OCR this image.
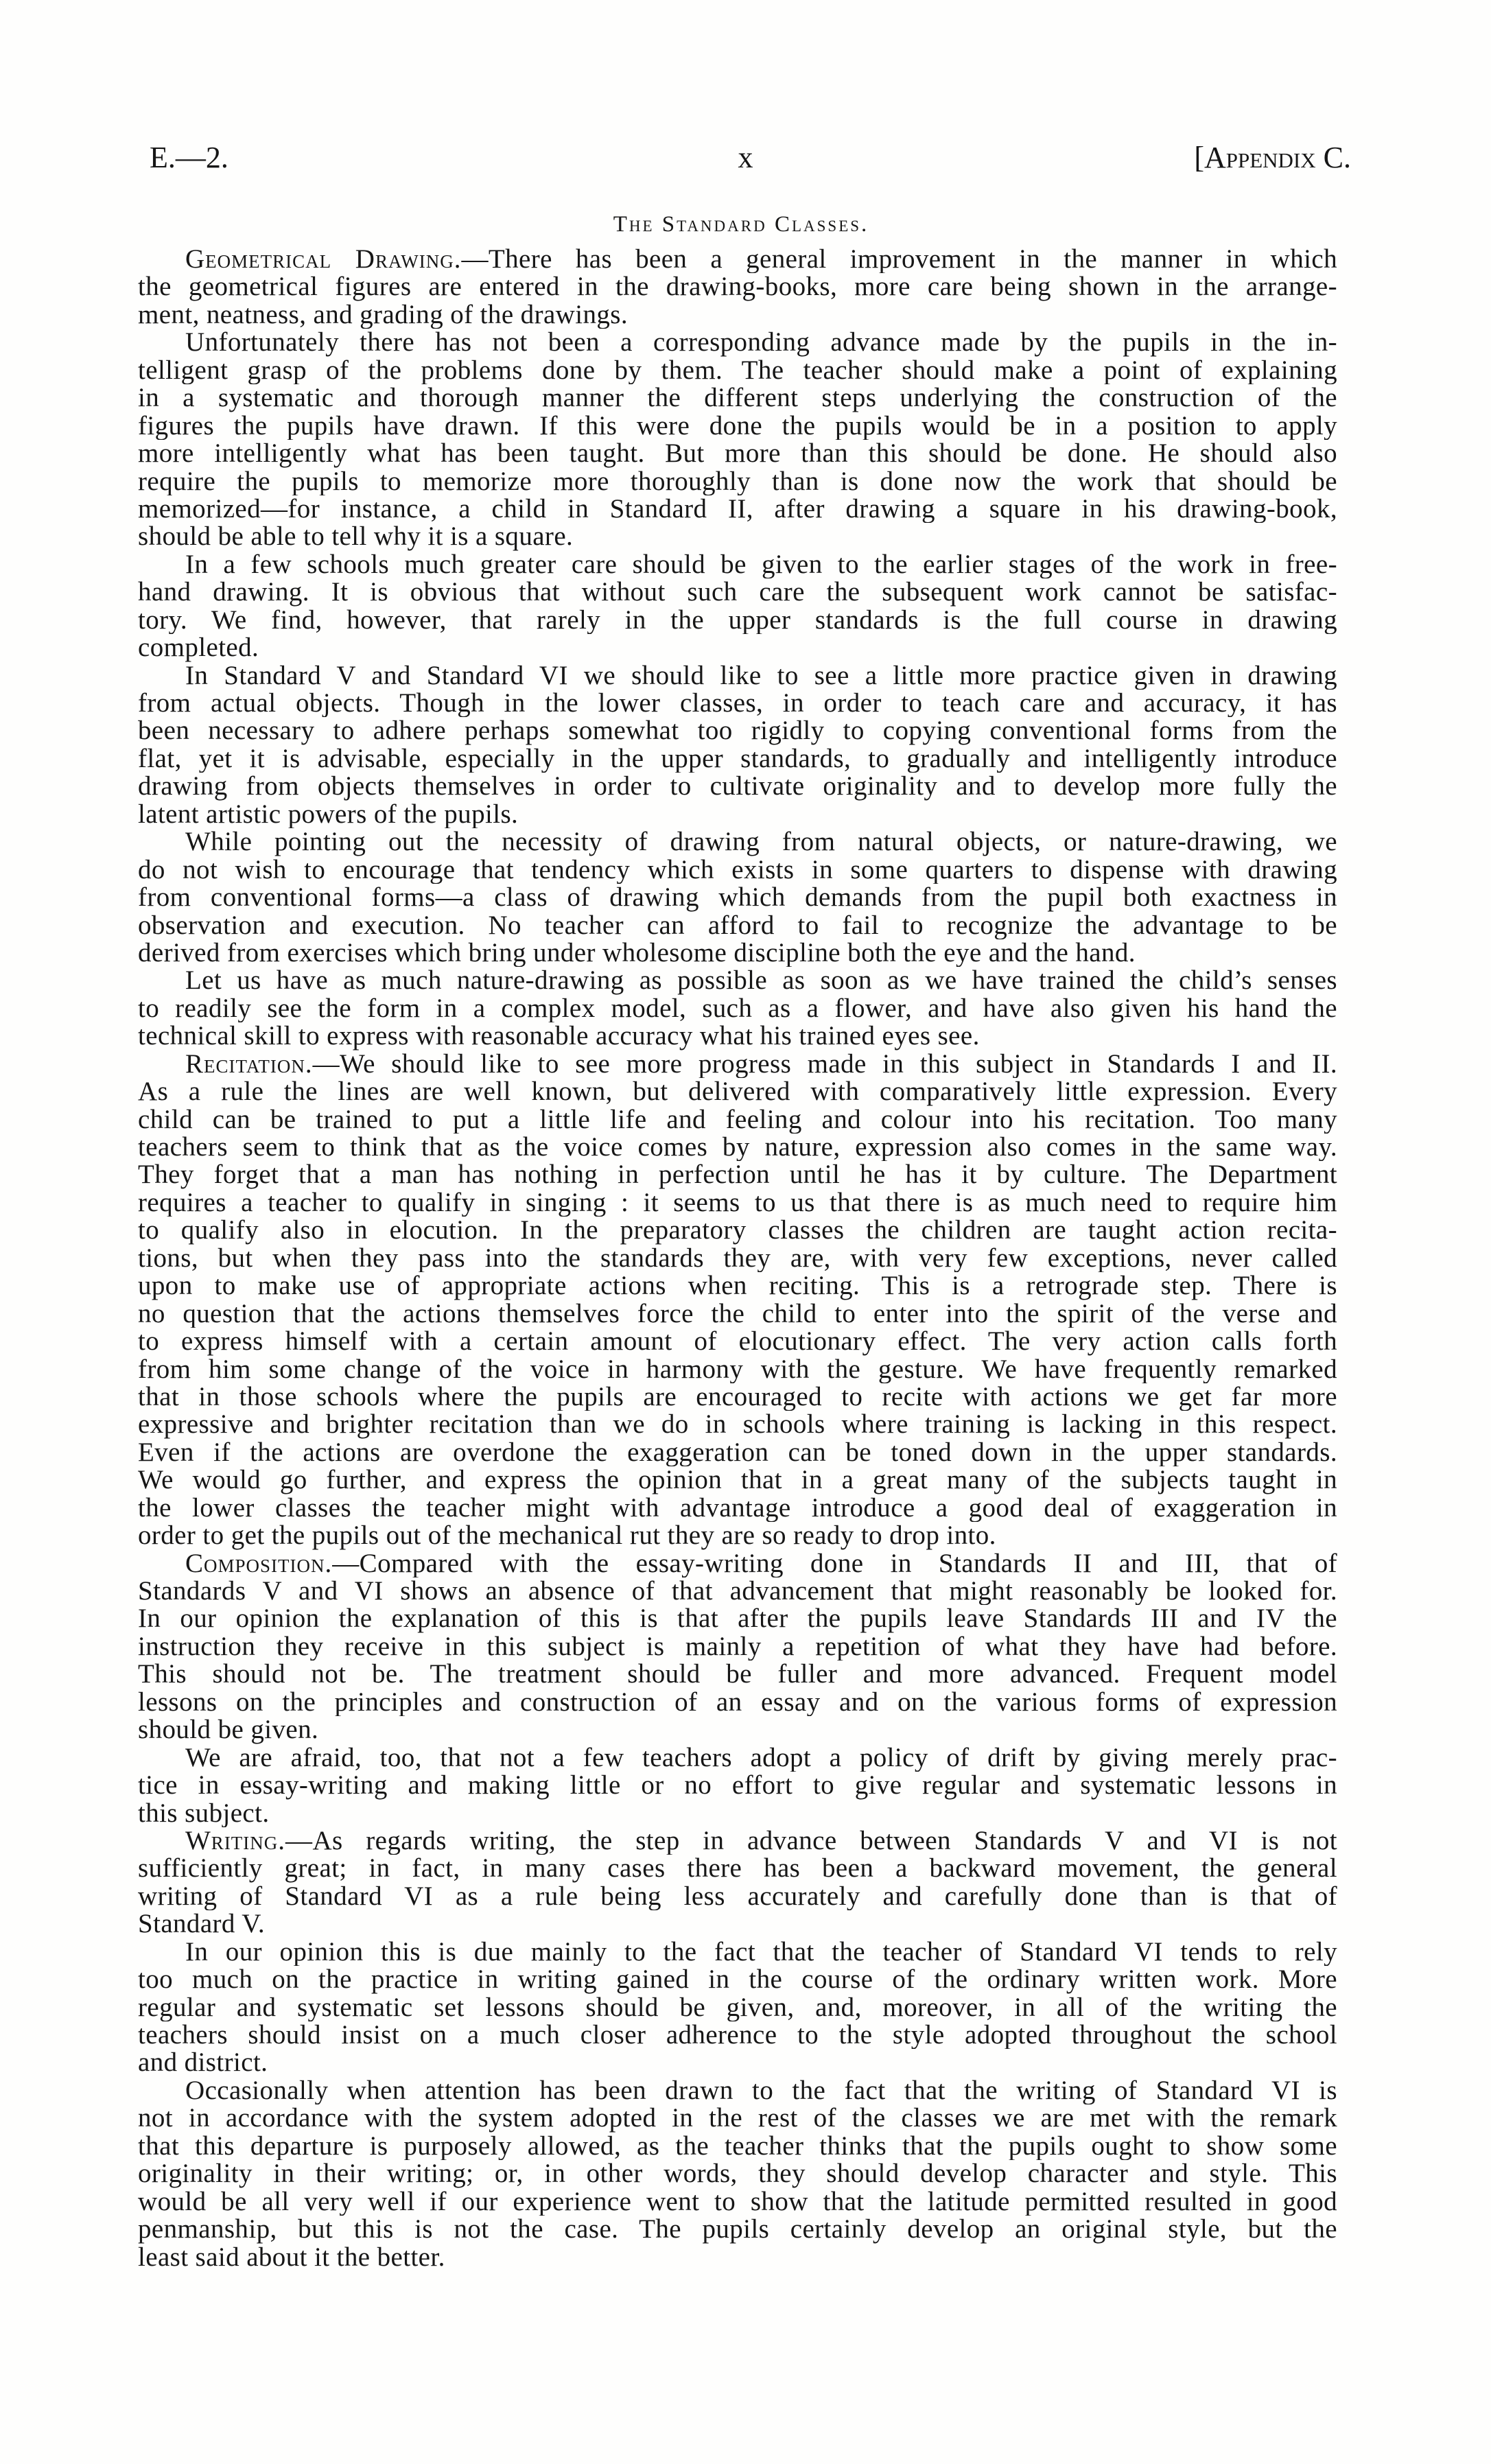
E.—2.	x	[Appendix C.
The Standard Classes.
Geometrical Drawing.—There has been a general improvement in the manner in which
the geometrical figures are entered in the drawing-books, more care being shown in the arrange-
ment, neatness, and grading of the drawings.
Unfortunately there has not been a corresponding advance made by the pupils in the in-
telligent grasp of the problems done by them. The teacher should make a point of explaining
in a systematic and thorough manner the different steps underlying the construction of the
figures the pupils have drawn. If this were done the pupils would be in a position to apply
more intelligently what has been taught. But more than this should be done. He should also
require the pupils to memorize more thoroughly than is done now the work that should be
memorized—for instance, a child in Standard II, after drawing a square in his drawing-book,
should be able to tell why it is a square.
In a few schools much greater care should be given to the earlier stages of the work in free-
hand drawing. It is obvious that without such care the subsequent work cannot be satisfac-
tory. We find, however, that rarely in the upper standards is the full course in drawing
completed.
In Standard V and Standard VI we should like to see a little more practice given in drawing
from actual objects. Though in the lower classes, in order to teach care and accuracy, it has
been necessary to adhere perhaps somewhat too rigidly to copying conventional forms from the
flat, yet it is advisable, especially in the upper standards, to gradually and intelligently introduce
drawing from objects themselves in order to cultivate originality and to develop more fully the
latent artistic powers of the pupils.
While pointing out the necessity of drawing from natural objects, or nature-drawing, we
do not wish to encourage that tendency which exists in some quarters to dispense with drawing
from conventional forms—a class of drawing which demands from the pupil both exactness in
observation and execution. No teacher can afford to fail to recognize the advantage to be
derived from exercises which bring under wholesome discipline both the eye and the hand.
Let us have as much nature-drawing as possible as soon as we have trained the child’s senses
to readily see the form in a complex model, such as a flower, and have also given his hand the
technical skill to express with reasonable accuracy what his trained eyes see.
Recitation.—We should like to see more progress made in this subject in Standards I and II.
As a rule the lines are well known, but delivered with comparatively little expression. Every
child can be trained to put a little life and feeling and colour into his recitation. Too many
teachers seem to think that as the voice comes by nature, expression also comes in the same way.
They forget that a man has nothing in perfection until he has it by culture. The Department
requires a teacher to qualify in singing : it seems to us that there is as much need to require him
to qualify also in elocution. In the preparatory classes the children are taught action recita-
tions, but when they pass into the standards they are, with very few exceptions, never called
upon to make use of appropriate actions when reciting. This is a retrograde step. There is
no question that the actions themselves force the child to enter into the spirit of the verse and
to express himself with a certain amount of elocutionary effect. The very action calls forth
from him some change of the voice in harmony with the gesture. We have frequently remarked
that in those schools where the pupils are encouraged to recite with actions we get far more
expressive and brighter recitation than we do in schools where training is lacking in this respect.
Even if the actions are overdone the exaggeration can be toned down in the upper standards.
We would go further, and express the opinion that in a great many of the subjects taught in
the lower classes the teacher might with advantage introduce a good deal of exaggeration in
order to get the pupils out of the mechanical rut they are so ready to drop into.
Composition.—Compared with the essay-writing done in Standards II and III, that of
Standards V and VI shows an absence of that advancement that might reasonably be looked for.
In our opinion the explanation of this is that after the pupils leave Standards III and IV the
instruction they receive in this subject is mainly a repetition of what they have had before.
This should not be. The treatment should be fuller and more advanced. Frequent model
lessons on the principles and construction of an essay and on the various forms of expression
should be given.
We are afraid, too, that not a few teachers adopt a policy of drift by giving merely prac-
tice in essay-writing and making little or no effort to give regular and systematic lessons in
this subject.
Writing.—As regards writing, the step in advance between Standards V and VI is not
sufficiently great; in fact, in many cases there has been a backward movement, the general
writing of Standard VI as a rule being less accurately and carefully done than is that of
Standard V.
In our opinion this is due mainly to the fact that the teacher of Standard VI tends to rely
too much on the practice in writing gained in the course of the ordinary written work. More
regular and systematic set lessons should be given, and, moreover, in all of the writing the
teachers should insist on a much closer adherence to the style adopted throughout the school
and district.
Occasionally when attention has been drawn to the fact that the writing of Standard VI is
not in accordance with the system adopted in the rest of the classes we are met with the remark
that this departure is purposely allowed, as the teacher thinks that the pupils ought to show some
originality in their writing; or, in other words, they should develop character and style. This
would be all very well if our experience went to show that the latitude permitted resulted in good
penmanship, but this is not the case. The pupils certainly develop an original style, but the
least said about it the better.
